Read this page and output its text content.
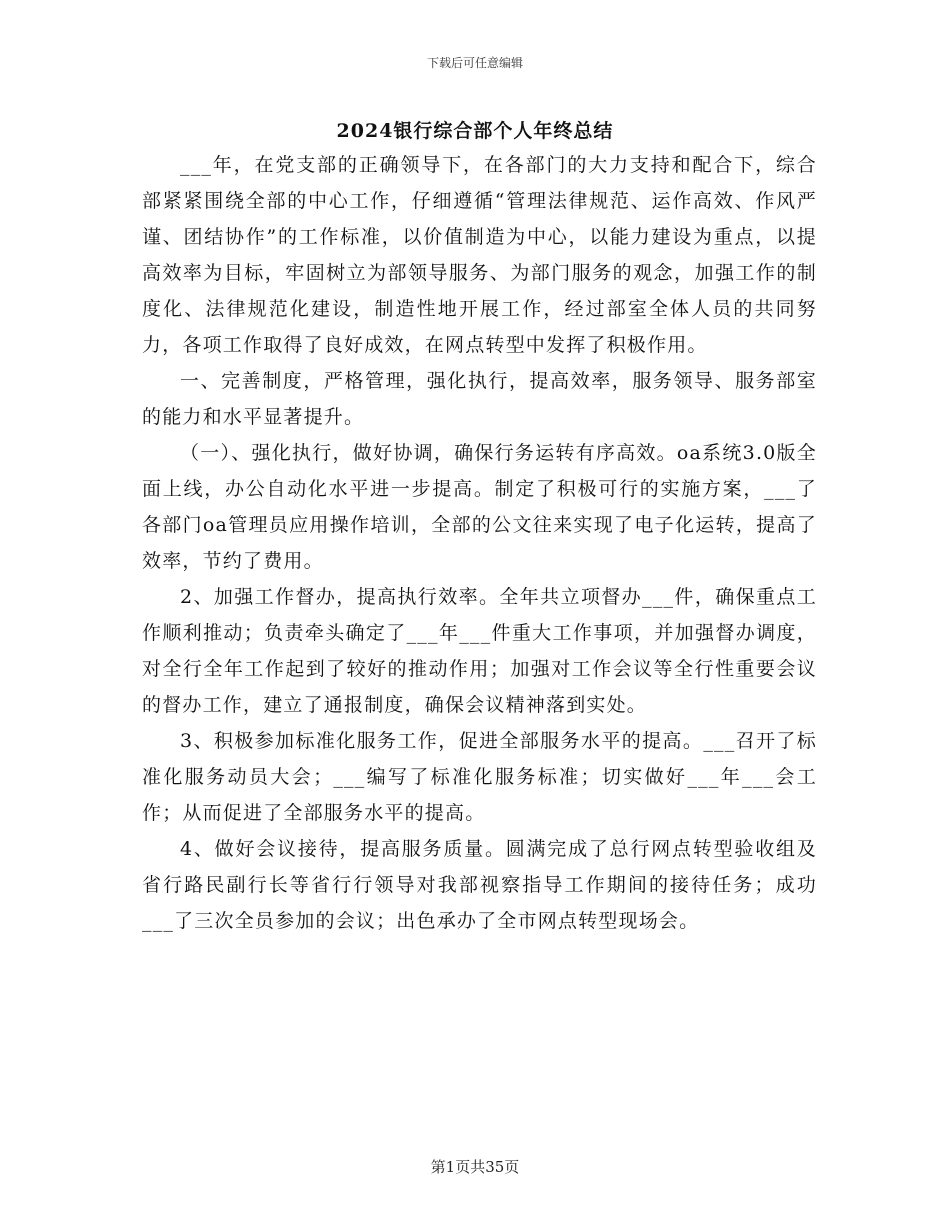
下载后可任意编辑
2024银行综合部个人年终总结

___年，在党支部的正确领导下，在各部门的大力支持和配合下，综合部紧紧围绕全部的中心工作，仔细遵循“管理法律规范、运作高效、作风严谨、团结协作”的工作标准，以价值制造为中心，以能力建设为重点，以提高效率为目标，牢固树立为部领导服务、为部门服务的观念，加强工作的制度化、法律规范化建设，制造性地开展工作，经过部室全体人员的共同努力，各项工作取得了良好成效，在网点转型中发挥了积极作用。

一、完善制度，严格管理，强化执行，提高效率，服务领导、服务部室的能力和水平显著提升。

（一）、强化执行，做好协调，确保行务运转有序高效。oa系统3.0版全面上线，办公自动化水平进一步提高。制定了积极可行的实施方案，___了各部门oa管理员应用操作培训，全部的公文往来实现了电子化运转，提高了效率，节约了费用。

2、加强工作督办，提高执行效率。全年共立项督办___件，确保重点工作顺利推动；负责牵头确定了___年___件重大工作事项，并加强督办调度，对全行全年工作起到了较好的推动作用；加强对工作会议等全行性重要会议的督办工作，建立了通报制度，确保会议精神落到实处。

3、积极参加标准化服务工作，促进全部服务水平的提高。___召开了标准化服务动员大会；___编写了标准化服务标准；切实做好___年___会工作；从而促进了全部服务水平的提高。

4、做好会议接待，提高服务质量。圆满完成了总行网点转型验收组及省行路民副行长等省行行领导对我部视察指导工作期间的接待任务；成功___了三次全员参加的会议；出色承办了全市网点转型现场会。

第1页共35页
